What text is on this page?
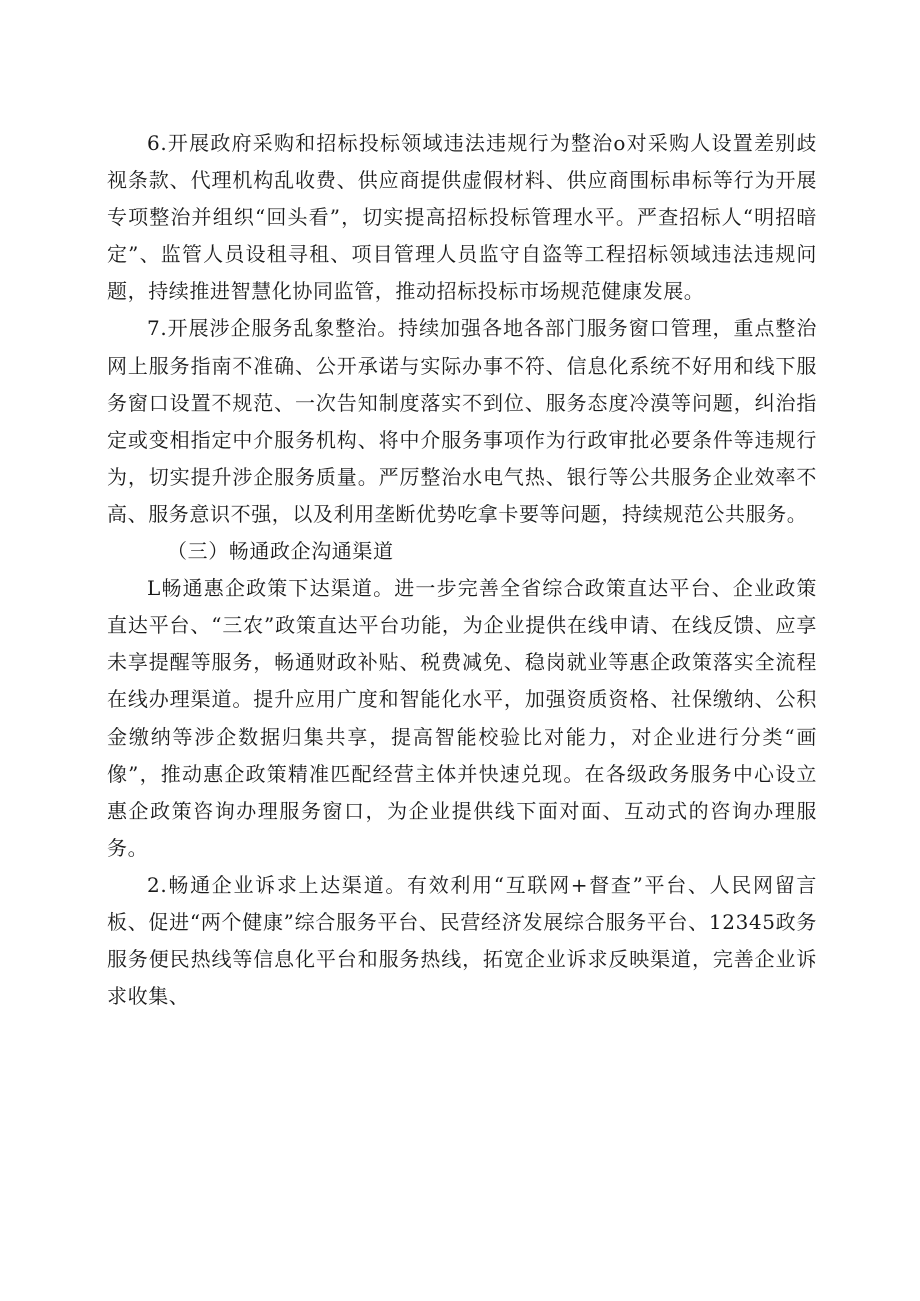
6.开展政府采购和招标投标领域违法违规行为整治o对采购人设置差别歧视条款、代理机构乱收费、供应商提供虚假材料、供应商围标串标等行为开展专项整治并组织“回头看”，切实提高招标投标管理水平。严查招标人“明招暗定”、监管人员设租寻租、项目管理人员监守自盗等工程招标领域违法违规问题，持续推进智慧化协同监管，推动招标投标市场规范健康发展。

7.开展涉企服务乱象整治。持续加强各地各部门服务窗口管理，重点整治网上服务指南不准确、公开承诺与实际办事不符、信息化系统不好用和线下服务窗口设置不规范、一次告知制度落实不到位、服务态度冷漠等问题，纠治指定或变相指定中介服务机构、将中介服务事项作为行政审批必要条件等违规行为，切实提升涉企服务质量。严厉整治水电气热、银行等公共服务企业效率不高、服务意识不强，以及利用垄断优势吃拿卡要等问题，持续规范公共服务。

（三）畅通政企沟通渠道

L畅通惠企政策下达渠道。进一步完善全省综合政策直达平台、企业政策直达平台、“三农”政策直达平台功能，为企业提供在线申请、在线反馈、应享未享提醒等服务，畅通财政补贴、税费减免、稳岗就业等惠企政策落实全流程在线办理渠道。提升应用广度和智能化水平，加强资质资格、社保缴纳、公积金缴纳等涉企数据归集共享，提高智能校验比对能力，对企业进行分类“画像”，推动惠企政策精准匹配经营主体并快速兑现。在各级政务服务中心设立惠企政策咨询办理服务窗口，为企业提供线下面对面、互动式的咨询办理服务。

2.畅通企业诉求上达渠道。有效利用“互联网+督查”平台、人民网留言板、促进“两个健康”综合服务平台、民营经济发展综合服务平台、12345政务服务便民热线等信息化平台和服务热线，拓宽企业诉求反映渠道，完善企业诉求收集、
